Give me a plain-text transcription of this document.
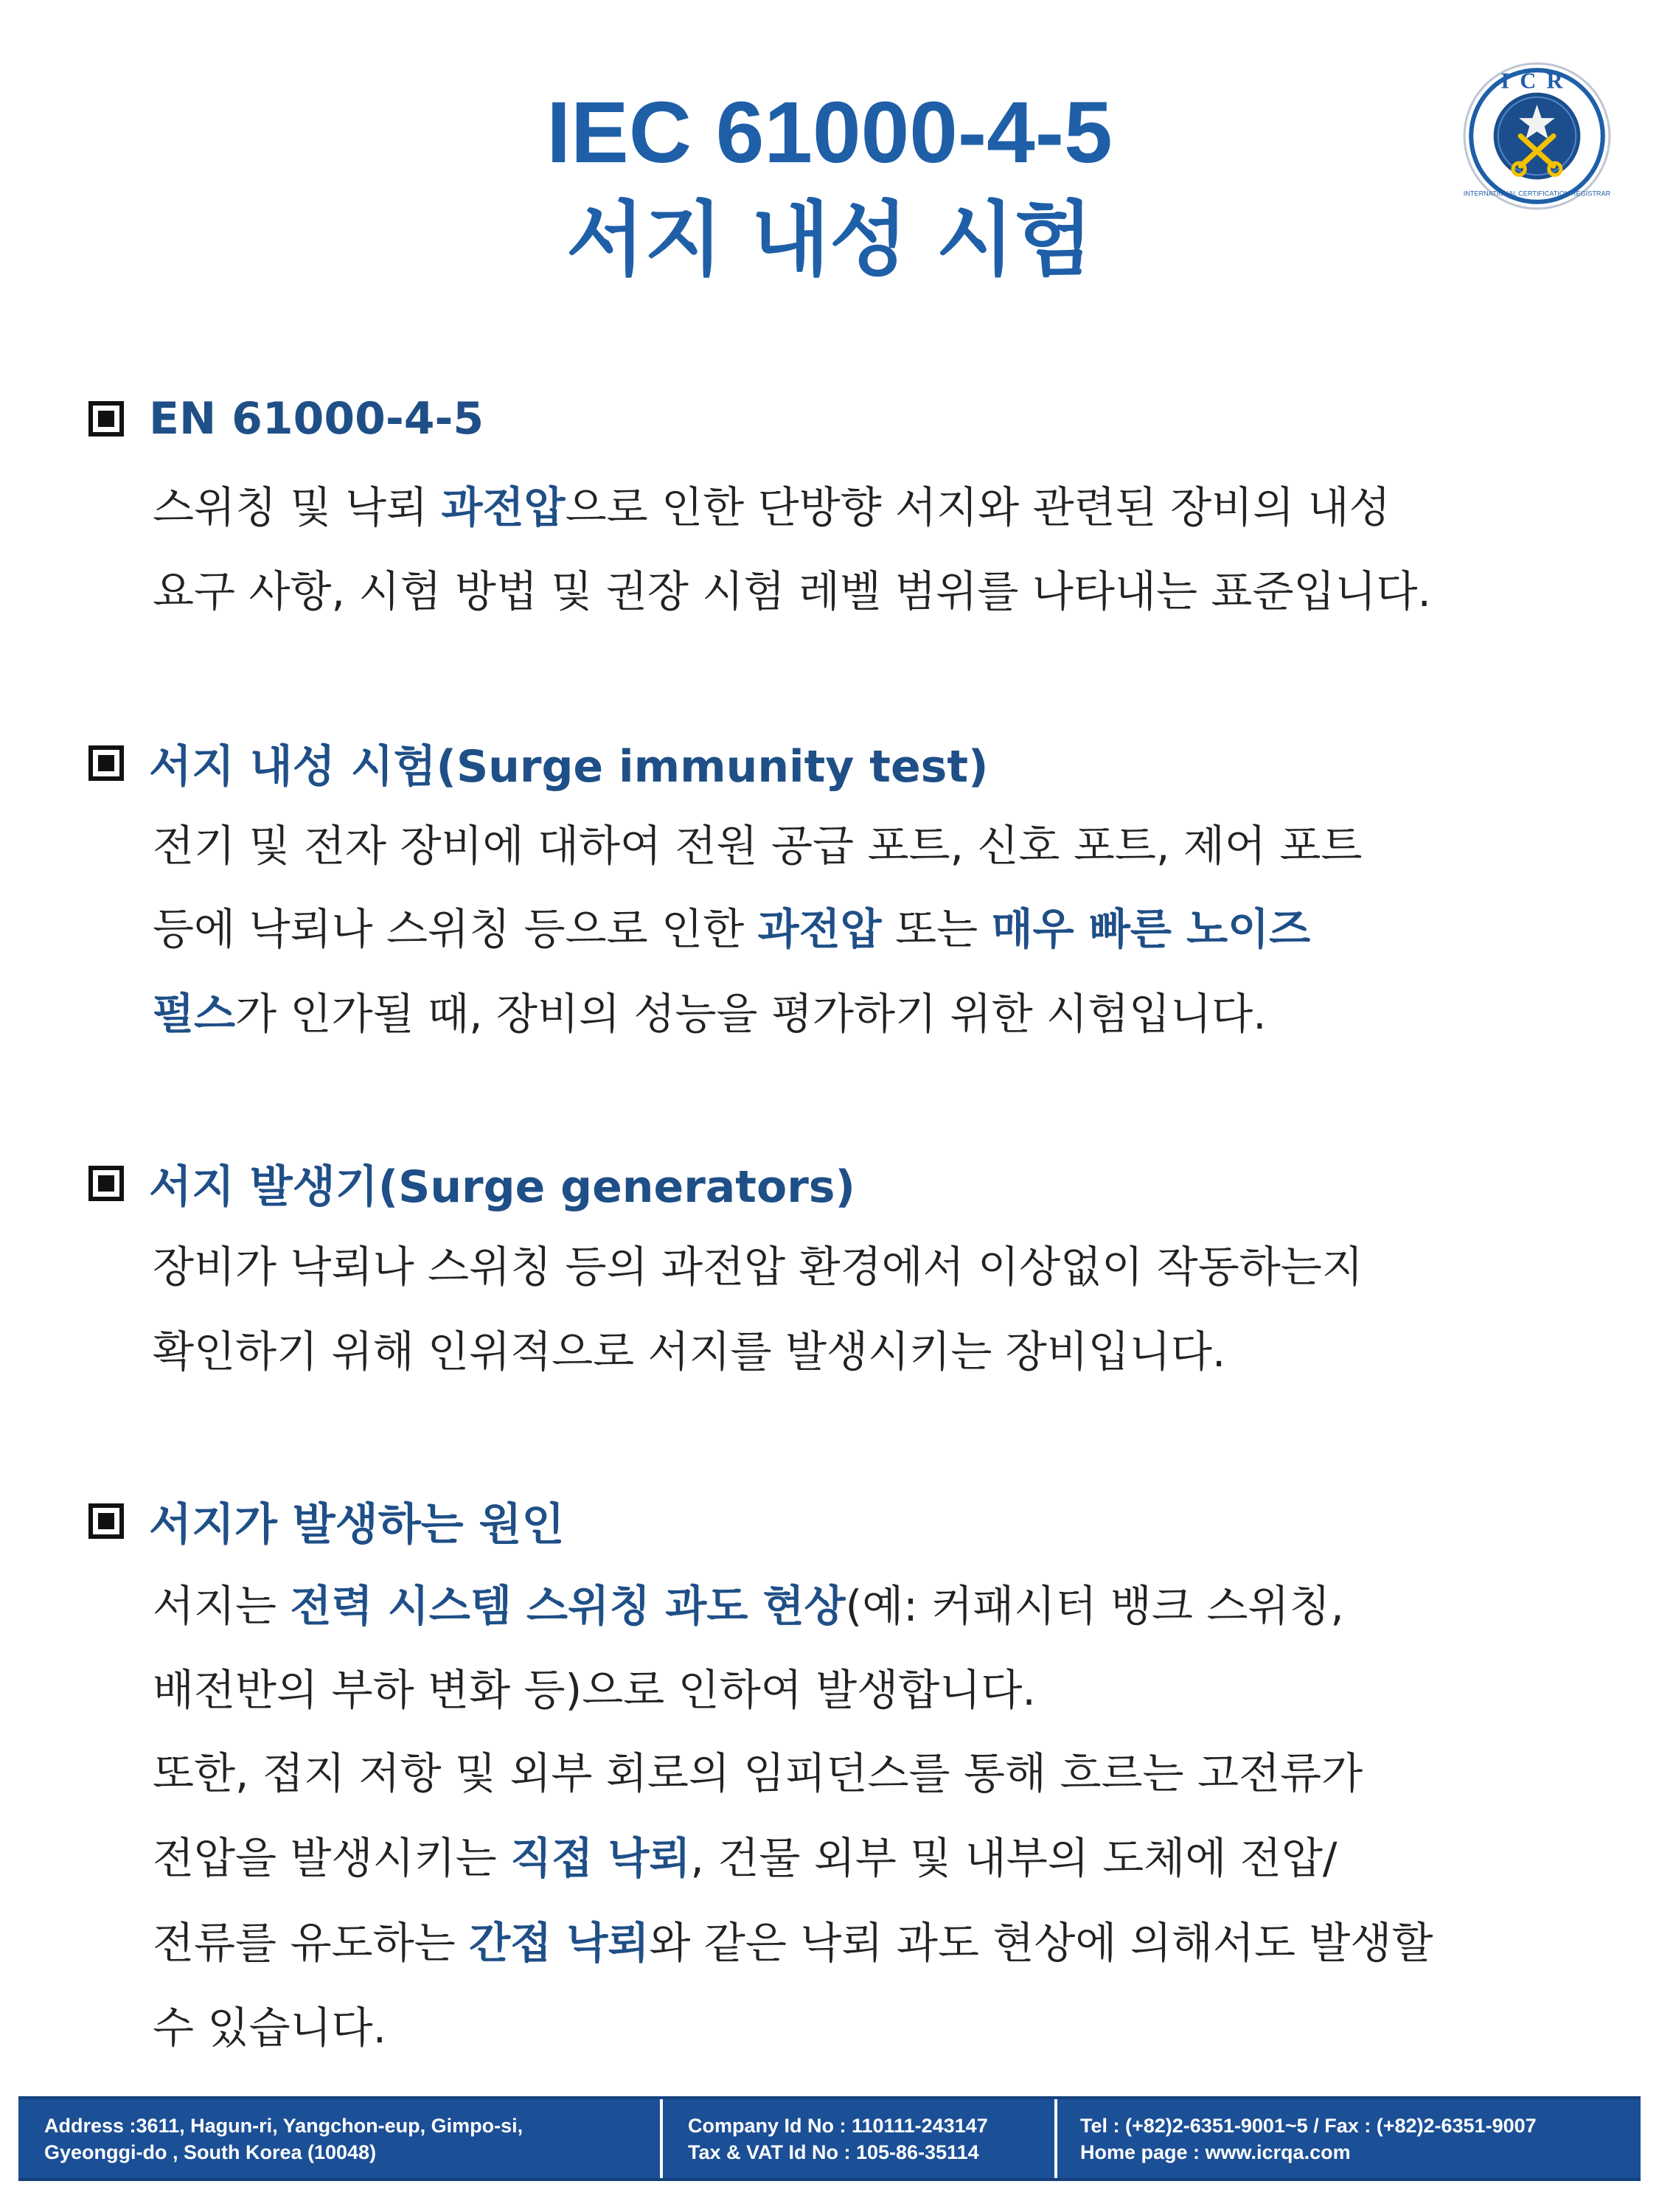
IEC 61000-4-5
서지 내성 시험
ICR
INTERNATIONAL CERTIFICATION REGISTRAR
EN 61000-4-5
스위칭 및 낙뢰 과전압으로 인한 단방향 서지와 관련된 장비의 내성
요구 사항, 시험 방법 및 권장 시험 레벨 범위를 나타내는 표준입니다.
서지 내성 시험(Surge immunity test)
전기 및 전자 장비에 대하여 전원 공급 포트, 신호 포트, 제어 포트
등에 낙뢰나 스위칭 등으로 인한 과전압 또는 매우 빠른 노이즈
펄스가 인가될 때, 장비의 성능을 평가하기 위한 시험입니다.
서지 발생기(Surge generators)
장비가 낙뢰나 스위칭 등의 과전압 환경에서 이상없이 작동하는지
확인하기 위해 인위적으로 서지를 발생시키는 장비입니다.
서지가 발생하는 원인
서지는 전력 시스템 스위칭 과도 현상(예: 커패시터 뱅크 스위칭,
배전반의 부하 변화 등)으로 인하여 발생합니다.
또한, 접지 저항 및 외부 회로의 임피던스를 통해 흐르는 고전류가
전압을 발생시키는 직접 낙뢰, 건물 외부 및 내부의 도체에 전압/
전류를 유도하는 간접 낙뢰와 같은 낙뢰 과도 현상에 의해서도 발생할
수 있습니다.
Address :3611, Hagun-ri, Yangchon-eup, Gimpo-si,
Gyeonggi-do , South Korea (10048)
Company Id No : 110111-243147
Tax & VAT Id No : 105-86-35114
Tel : (+82)2-6351-9001~5 / Fax : (+82)2-6351-9007
Home page : www.icrqa.com
